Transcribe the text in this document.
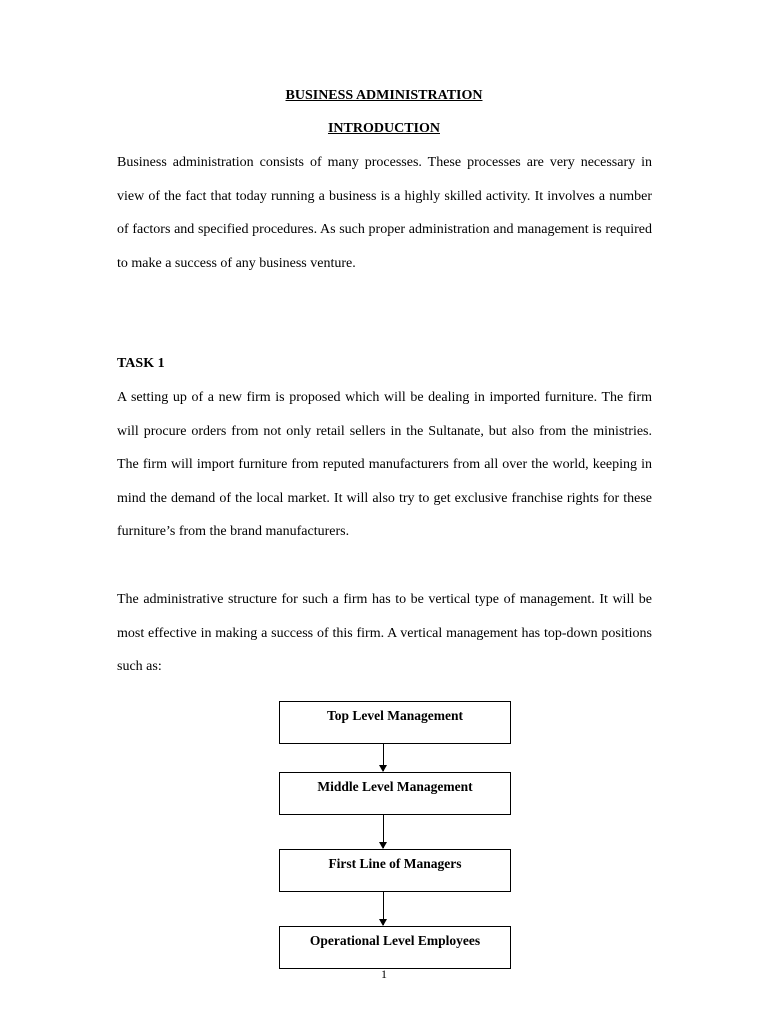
BUSINESS ADMINISTRATION
INTRODUCTION

Business administration consists of many processes. These processes are very necessary in view of the fact that today running a business is a highly skilled activity. It involves a number of factors and specified procedures. As such proper administration and management is required to make a success of any business venture.

TASK 1

A setting up of a new firm is proposed which will be dealing in imported furniture. The firm will procure orders from not only retail sellers in the Sultanate, but also from the ministries. The firm will import furniture from reputed manufacturers from all over the world, keeping in mind the demand of the local market. It will also try to get exclusive franchise rights for these furniture’s from the brand manufacturers.

The administrative structure for such a firm has to be vertical type of management. It will be most effective in making a success of this firm. A vertical management has top-down positions such as:

Top Level Management
Middle Level Management
First Line of Managers
Operational Level Employees
1
